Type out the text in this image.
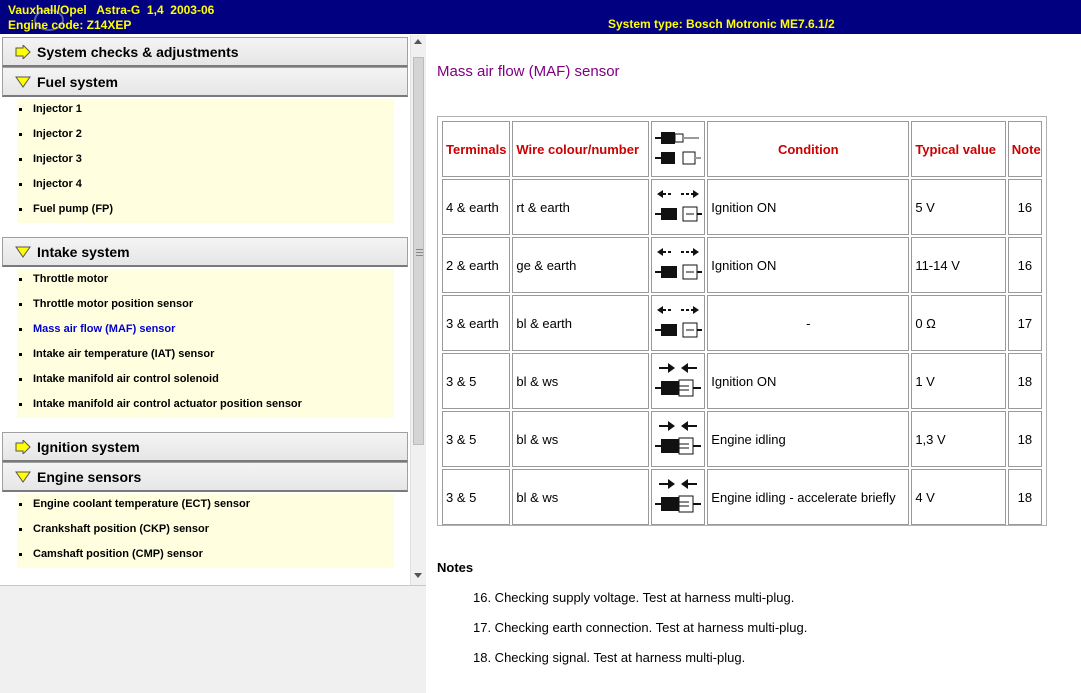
Vauxhall/Opel   Astra-G  1,4  2003-06
Engine code: Z14XEP	System type: Bosch Motronic ME7.6.1/2
System checks & adjustments
Fuel system
Injector 1
Injector 2
Injector 3
Injector 4
Fuel pump (FP)
Intake system
Throttle motor
Throttle motor position sensor
Mass air flow (MAF) sensor
Intake air temperature (IAT) sensor
Intake manifold air control solenoid
Intake manifold air control actuator position sensor
Ignition system
Engine sensors
Engine coolant temperature (ECT) sensor
Crankshaft position (CKP) sensor
Camshaft position (CMP) sensor
Mass air flow (MAF) sensor
Terminals	Wire colour/number		Condition	Typical value	Note
4 & earth	rt & earth		Ignition ON	5 V	16
2 & earth	ge & earth		Ignition ON	11-14 V	16
3 & earth	bl & earth		-	0 Ω	17
3 & 5	bl & ws		Ignition ON	1 V	18
3 & 5	bl & ws		Engine idling	1,3 V	18
3 & 5	bl & ws		Engine idling - accelerate briefly	4 V	18
Notes
16. Checking supply voltage. Test at harness multi-plug.
17. Checking earth connection. Test at harness multi-plug.
18. Checking signal. Test at harness multi-plug.
